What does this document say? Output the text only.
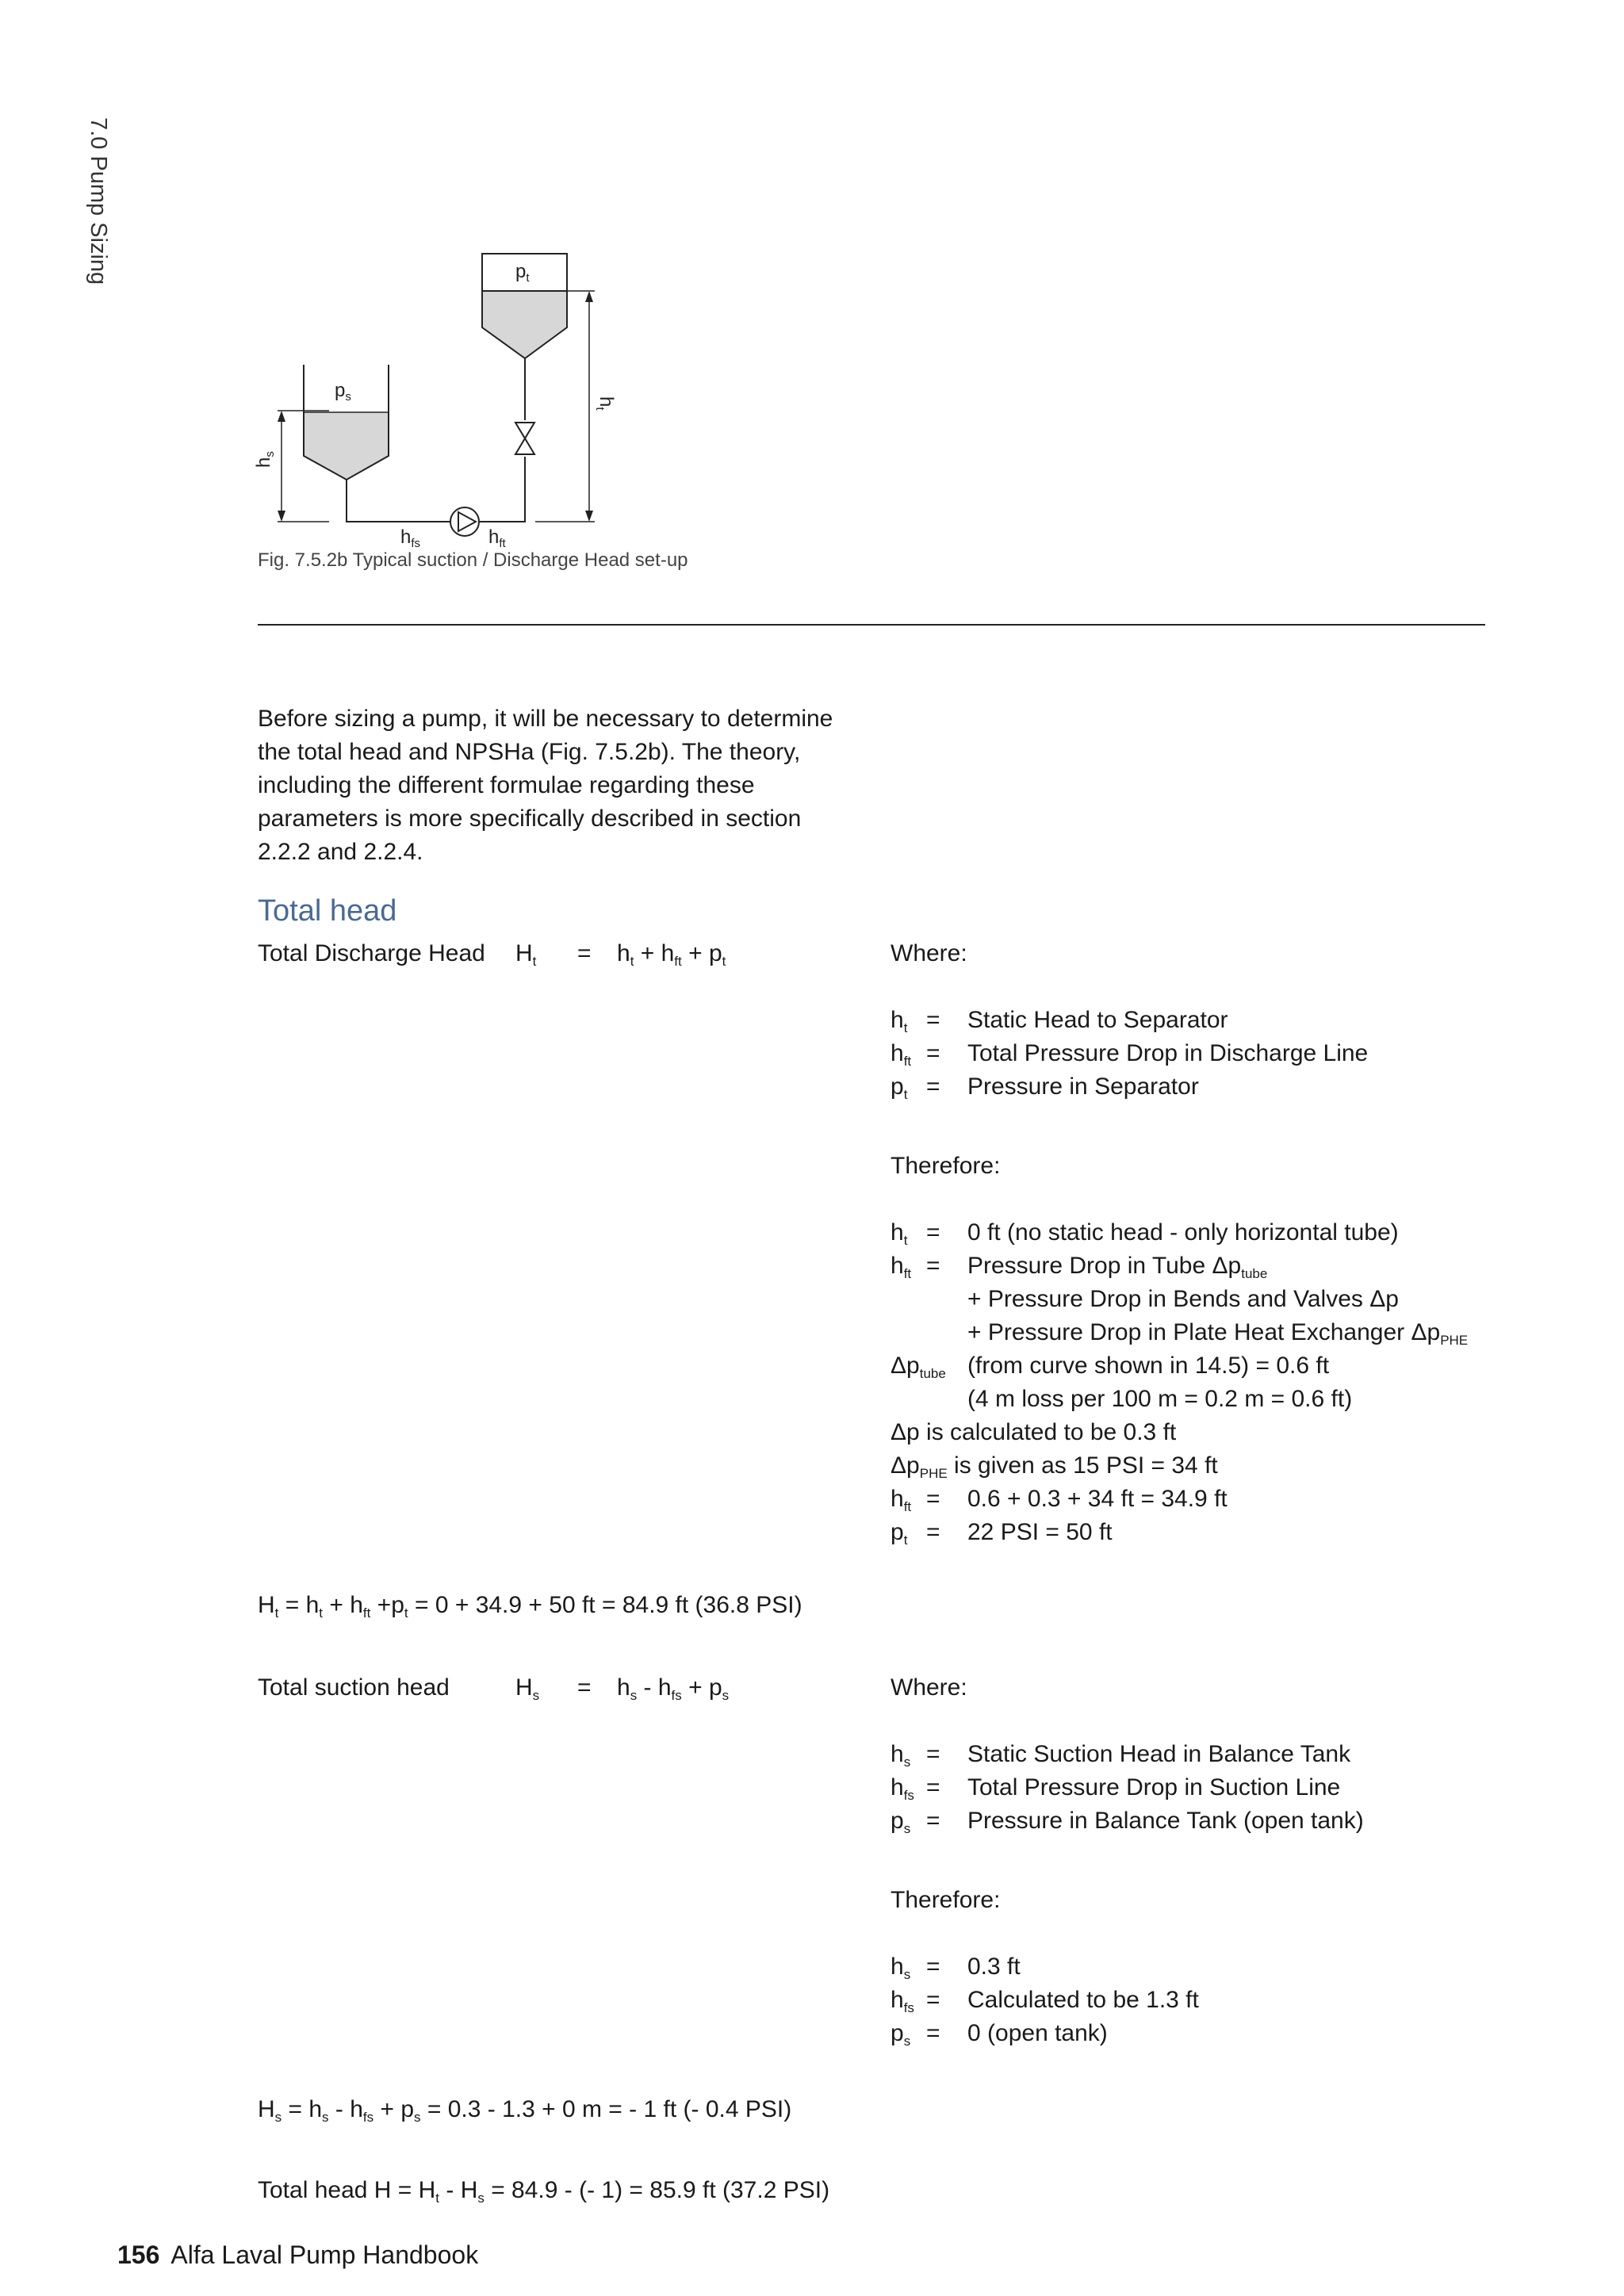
7.0 Pump Sizing
$p_s$
$p_t$
$h_s$
$h_t$
$h_{fs}$	$h_{ft}$
Fig. 7.5.2b Typical suction / Discharge Head set-up
Before sizing a pump, it will be necessary to determine the total head and NPSHa (Fig. 7.5.2b). The theory, including the different formulae regarding these parameters is more specifically described in section 2.2.2 and 2.2.4.
Total head
Total Discharge Head $H_t = h_t + h_{ft} + p_t$	Where:
$h_t$ = Static Head to Separator
$h_{ft}$ = Total Pressure Drop in Discharge Line
$p_t$ = Pressure in Separator
Therefore:
$h_t = 0$ ft (no static head - only horizontal tube)
$h_{ft}$ = Pressure Drop in Tube $\Delta p_{tube}$
+ Pressure Drop in Bends and Valves Δp
+ Pressure Drop in Plate Heat Exchanger $\Delta p_{PHE}$
$\Delta p_{tube}$ (from curve shown in 14.5) = 0.6 ft
(4 m loss per 100 m = 0.2 m = 0.6 ft)
Δp is calculated to be 0.3 ft
$\Delta p_{PHE}$ is given as 15 PSI = 34 ft
$h_{ft} = 0.6 + 0.3 + 34$ ft = 34.9 ft
$p_t = 22$ PSI = 50 ft
$H_t = h_t + h_{ft} +p_t = 0 + 34.9 + 50$ ft = 84.9 ft (36.8 PSI)
Total suction head	$H_s = h_s - h_{fs} + p_s$	Where:
$h_s$ = Static Suction Head in Balance Tank
$h_{fs}$ = Total Pressure Drop in Suction Line
$p_s$ = Pressure in Balance Tank (open tank)
Therefore:
$h_s = 0.3$ ft
$h_{fs}$ = Calculated to be 1.3 ft
$p_s = 0$ (open tank)
$H_s = h_s - h_{fs} + p_s = 0.3 - 1.3 + 0$ m = - 1 ft (- 0.4 PSI)
Total head $H = H_t - H_s = 84.9$ - (- 1) = 85.9 ft (37.2 PSI)
156 Alfa Laval Pump Handbook
